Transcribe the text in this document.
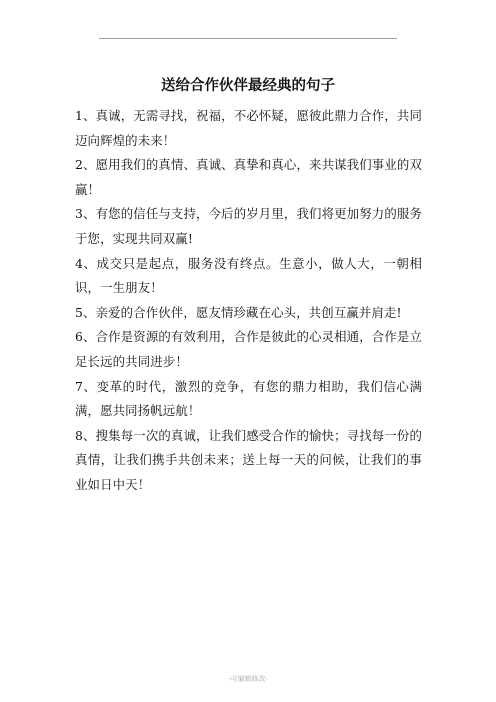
送给合作伙伴最经典的句子

1、真诚，无需寻找，祝福，不必怀疑，愿彼此鼎力合作，共同迈向辉煌的未来！

2、愿用我们的真情、真诚、真挚和真心，来共谋我们事业的双赢！

3、有您的信任与支持，今后的岁月里，我们将更加努力的服务于您，实现共同双赢!

4、成交只是起点，服务没有终点。生意小，做人大，一朝相识，一生朋友！

5、亲爱的合作伙伴，愿友情珍藏在心头，共创互赢并肩走!

6、合作是资源的有效利用，合作是彼此的心灵相通，合作是立足长远的共同进步！

7、变革的时代，激烈的竞争，有您的鼎力相助，我们信心满满，愿共同扬帆远航！

8、搜集每一次的真诚，让我们感受合作的愉快；寻找每一份的真情，让我们携手共创未来；送上每一天的问候，让我们的事业如日中天！

-可编辑修改-
